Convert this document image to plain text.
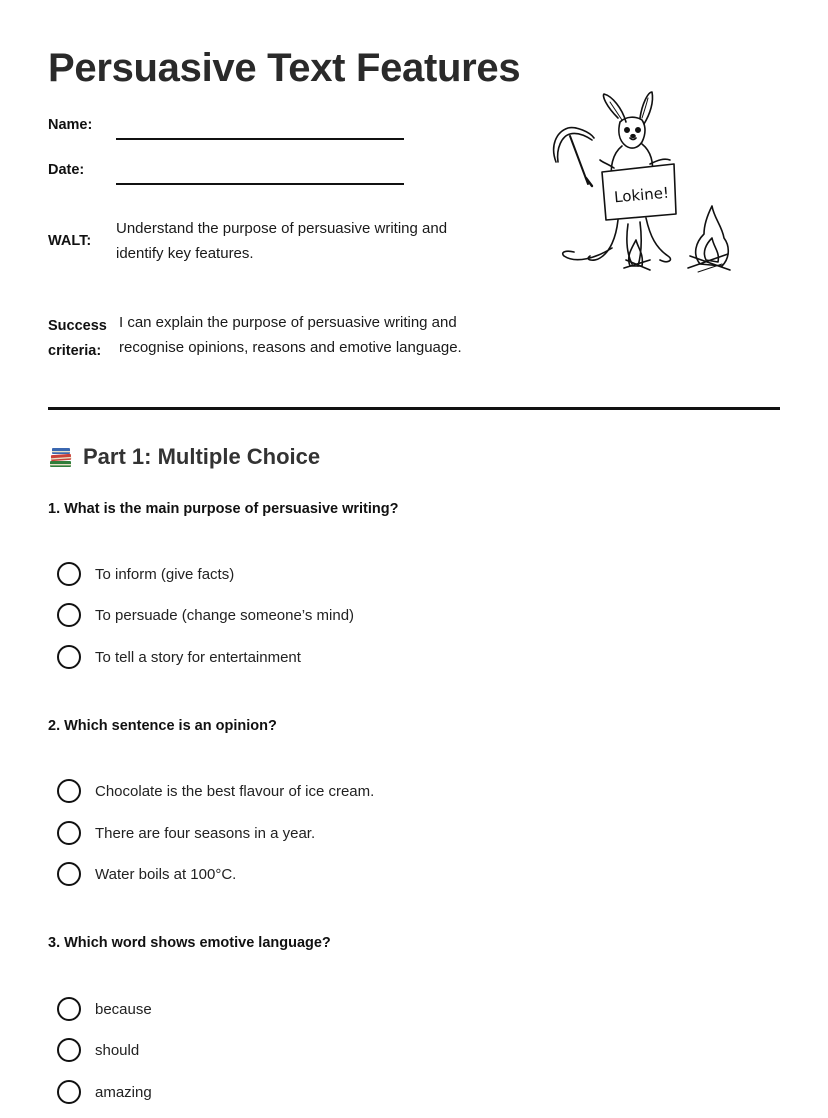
Persuasive Text Features
Name:
Date:
WALT:
Understand the purpose of persuasive writing and
identify key features.
Success
criteria:
I can explain the purpose of persuasive writing and
recognise opinions, reasons and emotive language.
Lokine!
Part 1: Multiple Choice
1. What is the main purpose of persuasive writing?
To inform (give facts)
To persuade (change someone’s mind)
To tell a story for entertainment
2. Which sentence is an opinion?
Chocolate is the best flavour of ice cream.
There are four seasons in a year.
Water boils at 100°C.
3. Which word shows emotive language?
because
should
amazing
